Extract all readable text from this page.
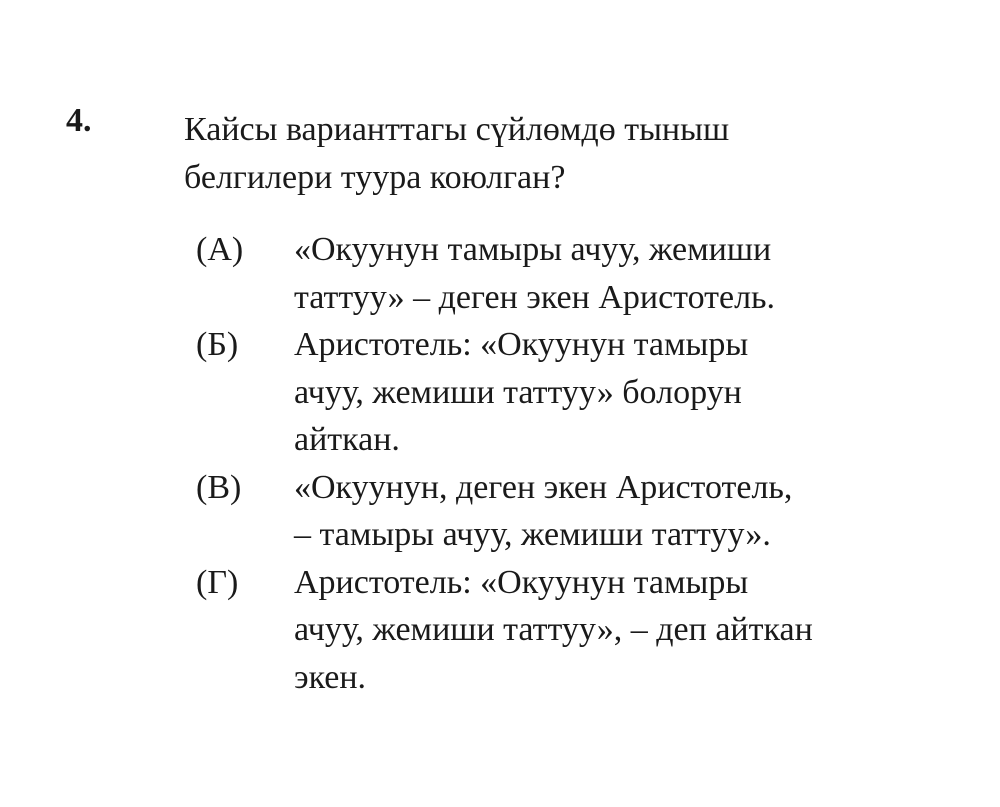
4.	Кайсы варианттагы сүйлөмдө тыныш
белгилери туура коюлган?
(А)	«Окуунун тамыры ачуу, жемиши
таттуу» – деген экен Аристотель.
(Б)	Аристотель: «Окуунун тамыры
ачуу, жемиши таттуу» болорун
айткан.
(В)	«Окуунун, деген экен Аристотель,
– тамыры ачуу, жемиши таттуу».
(Г)	Аристотель: «Окуунун тамыры
ачуу, жемиши таттуу», – деп айткан
экен.
